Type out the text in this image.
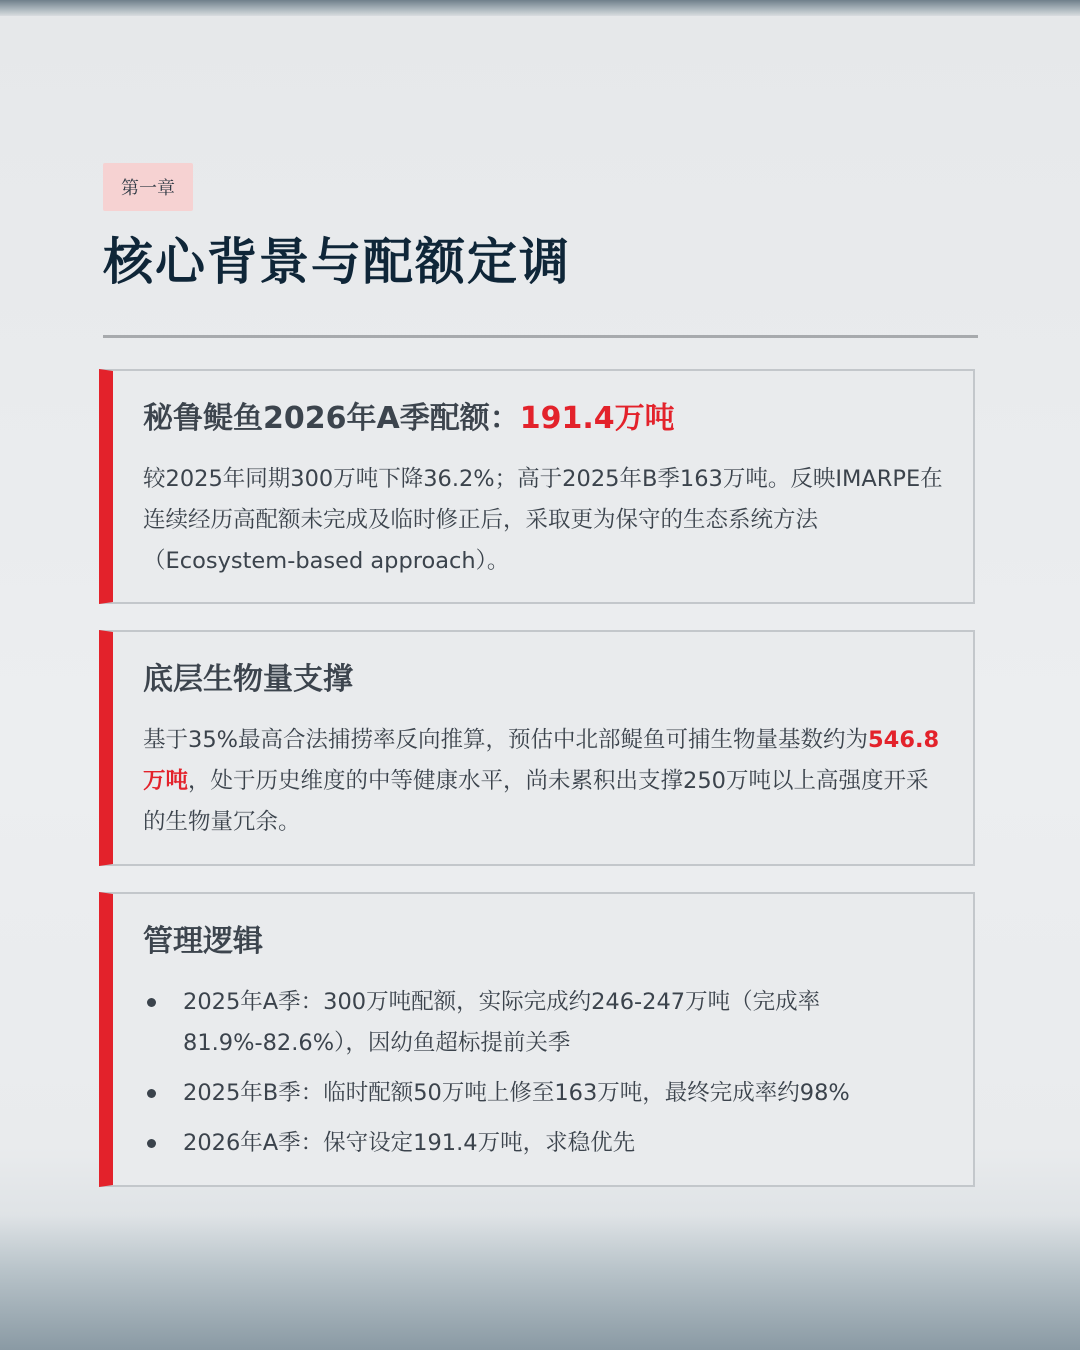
第一章
核心背景与配额定调
秘鲁鳀鱼2026年A季配额：191.4万吨
较2025年同期300万吨下降36.2%；高于2025年B季163万吨。反映IMARPE在连续经历高配额未完成及临时修正后，采取更为保守的生态系统方法（Ecosystem-based approach）。
底层生物量支撑
基于35%最高合法捕捞率反向推算，预估中北部鳀鱼可捕生物量基数约为546.8万吨，处于历史维度的中等健康水平，尚未累积出支撑250万吨以上高强度开采的生物量冗余。
管理逻辑
2025年A季：300万吨配额，实际完成约246-247万吨（完成率81.9%-82.6%），因幼鱼超标提前关季
2025年B季：临时配额50万吨上修至163万吨，最终完成率约98%
2026年A季：保守设定191.4万吨，求稳优先
